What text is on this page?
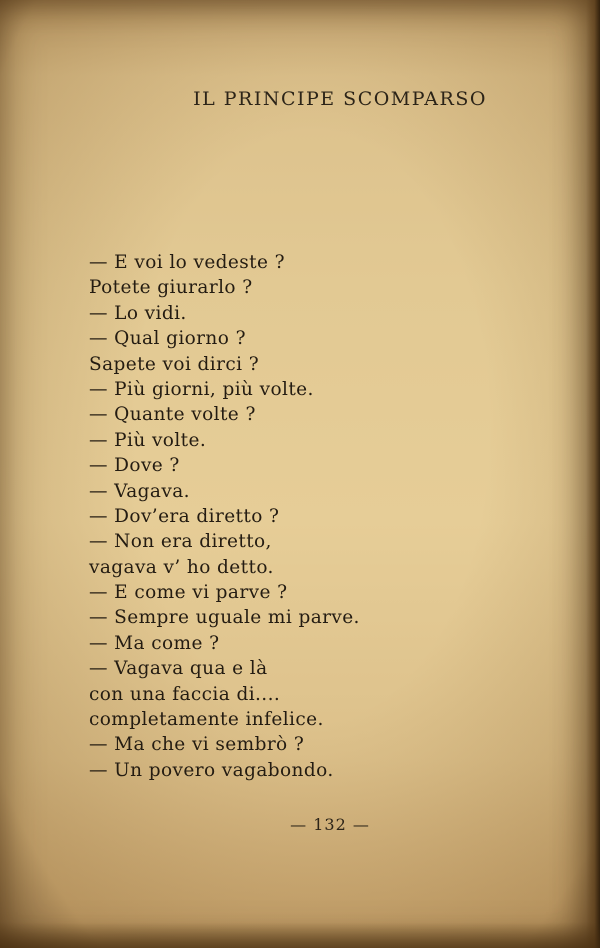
IL PRINCIPE SCOMPARSO
— E voi lo vedeste ?
Potete giurarlo ?
— Lo vidi.
— Qual giorno ?
Sapete voi dirci ?
— Più giorni, più volte.
— Quante volte ?
— Più volte.
— Dove ?
— Vagava.
— Dov’era diretto ?
— Non era diretto,
vagava v’ ho detto.
— E come vi parve ?
— Sempre uguale mi parve.
— Ma come ?
— Vagava qua e là
con una faccia di....
completamente infelice.
— Ma che vi sembrò ?
— Un povero vagabondo.
— 132 —
